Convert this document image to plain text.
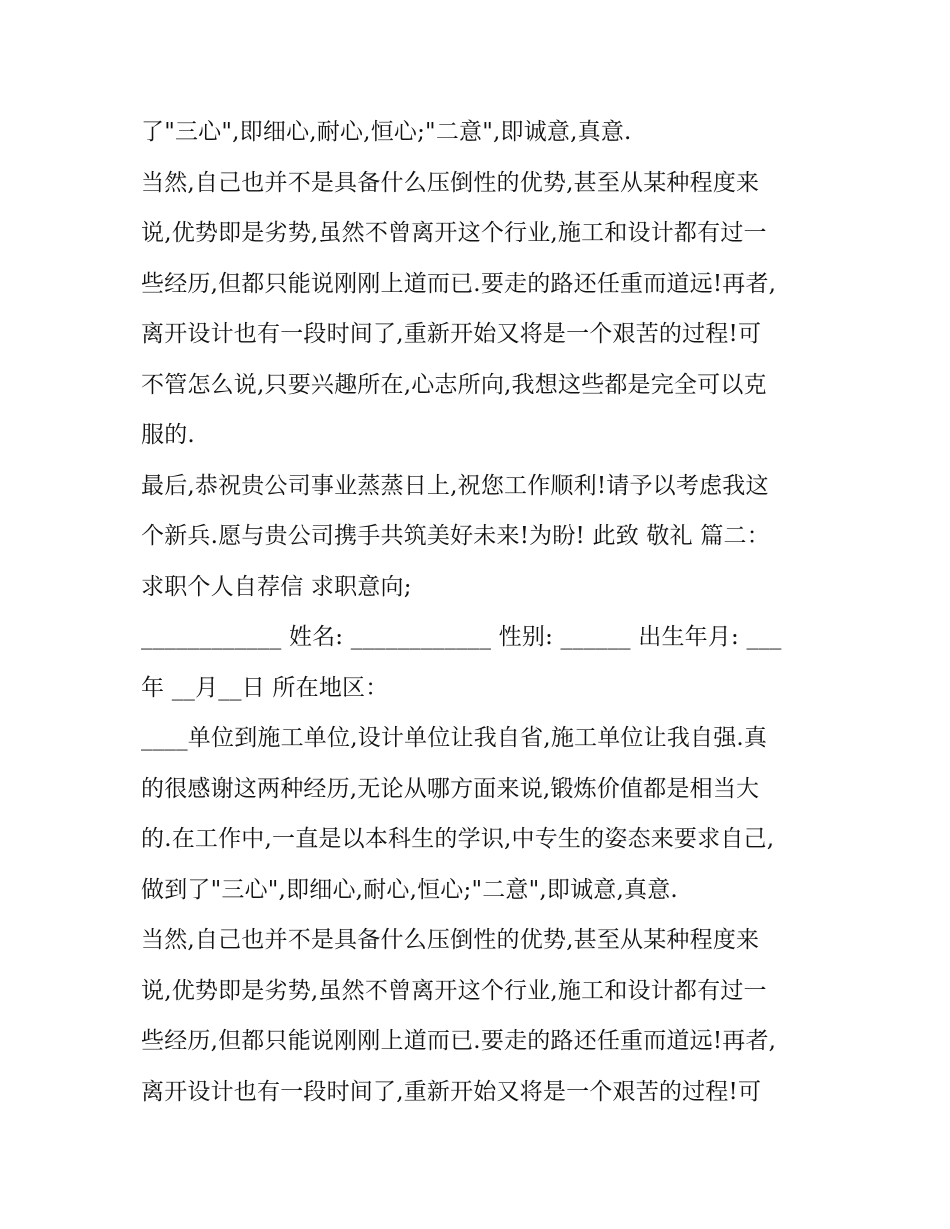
了"三心",即细心,耐心,恒心;"二意",即诚意,真意.
当然,自己也并不是具备什么压倒性的优势,甚至从某种程度来
说,优势即是劣势,虽然不曾离开这个行业,施工和设计都有过一
些经历,但都只能说刚刚上道而已.要走的路还任重而道远!再者,
离开设计也有一段时间了,重新开始又将是一个艰苦的过程!可
不管怎么说,只要兴趣所在,心志所向,我想这些都是完全可以克
服的.
最后,恭祝贵公司事业蒸蒸日上,祝您工作顺利!请予以考虑我这
个新兵.愿与贵公司携手共筑美好未来!为盼! 此致 敬礼 篇二：
求职个人自荐信 求职意向;
____________ 姓名: ____________ 性别: ______ 出生年月: ___
年 __月__日 所在地区：
____单位到施工单位,设计单位让我自省,施工单位让我自强.真
的很感谢这两种经历,无论从哪方面来说,锻炼价值都是相当大
的.在工作中,一直是以本科生的学识,中专生的姿态来要求自己,
做到了"三心",即细心,耐心,恒心;"二意",即诚意,真意.
当然,自己也并不是具备什么压倒性的优势,甚至从某种程度来
说,优势即是劣势,虽然不曾离开这个行业,施工和设计都有过一
些经历,但都只能说刚刚上道而已.要走的路还任重而道远!再者,
离开设计也有一段时间了,重新开始又将是一个艰苦的过程!可
